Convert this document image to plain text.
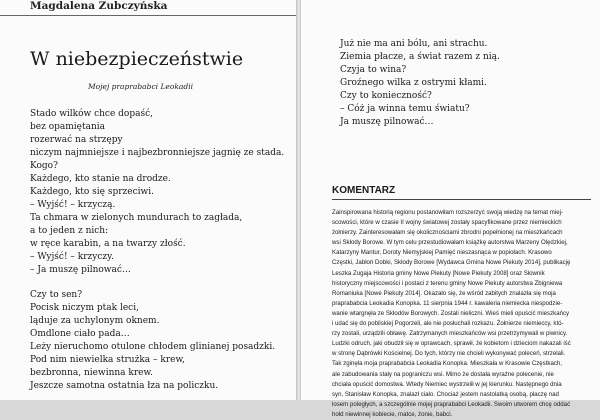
Magdalena Zubczyńska
W niebezpieczeństwie
Mojej praprababci Leokadii
Stado wilków chce dopaść,
bez opamiętania
rozerwać na strzępy
niczym najmniejsze i najbezbronniejsze jagnię ze stada.
Kogo?
Każdego, kto stanie na drodze.
Każdego, kto się sprzeciwi.
– Wyjść! – krzyczą.
Ta chmara w zielonych mundurach to zagłada,
a to jeden z nich:
w ręce karabin, a na twarzy złość.
– Wyjść! – krzyczy.
– Ja muszę pilnować…
Czy to sen?
Pocisk niczym ptak leci,
ląduje za uchylonym oknem.
Omdlone ciało pada…
Leży nieruchomo otulone chłodem glinianej posadzki.
Pod nim niewielka strużka – krew,
bezbronna, niewinna krew.
Jeszcze samotna ostatnia łza na policzku.
Już nie ma ani bólu, ani strachu.
Ziemia płacze, a świat razem z nią.
Czyja to wina?
Groźnego wilka z ostrymi kłami.
Czy to konieczność?
– Cóż ja winna temu światu?
Ja muszę pilnować…
KOMENTARZ
Zainspirowana historią regionu postanowiłam rozszerzyć swoją wiedzę na temat miej-
scowości, które w czasie II wojny światowej zostały spacyfikowane przez niemieckich
żołnierzy. Zainteresowałam się okolicznościami zbrodni popełnionej na mieszkańcach
wsi Skłody Borowe. W tym celu przestudiowałam książkę autorstwa Marzeny Olędzkiej,
Katarzyny Mantur, Doroty Niemyjskiej Pamięć nieszasnąca w popiołach. Krasowo
Częstki, Jabłoń Dobki, Skłody Borowe [Wydawca Gmina Nowe Piekuty 2014], publikację
Leszka Zugaja Historia gminy Nowe Piekuty [Nowe Piekuty 2008] oraz Słownik
historyczny miejscowości i postaci z terenu gminy Nowe Piekuty autorstwa Zbigniewa
Romaniuka [Nowe Piekuty 2014]. Okazało się, że wśród zabitych znalazła się moja
praprababcia Leokadia Konopka. 11 sierpnia 1944 r. kawaleria niemiecka niespodzie-
wanie wtargnęła ze Skłodów Borowych. Zostali nieliczni. Wieś mieli opuścić mieszkańcy
i udać się do pobliskiej Pogorzeli, ale nie posłuchali rozkazu. Żołnierze niemieccy, któ-
rzy zostali, urządzili obławę. Zatrzymanych mieszkańców wsi przetrzymywali w piwnicy.
Ludzki odruch, jaki obudził się w oprawcach, sprawił, że kobietom i dzieciom nakazali iść
w stronę Dąbrówki Kościelnej. Do tych, którzy nie chcieli wykonywać poleceń, strzelali.
Tak zginęła moja praprababcia Leokadia Konopka. Mieszkała w Krasowie Częstkach,
ale zabudowania stały na pograniczu wsi. Mimo że dostała wyraźne polecenie, nie
chciała opuścić domostwa. Wtedy Niemiec wystrzelił w jej kierunku. Następnego dnia
syn, Stanisław Konopka, znalazł ciało. Chociaż jestem nastolatką osobą, płaczę nad
losem poległych, a szczególnie mojej praprababci Leokadii. Swoim utworem chcę oddać
hołd niewinnej kobiecie, matce, żonie, babci.
